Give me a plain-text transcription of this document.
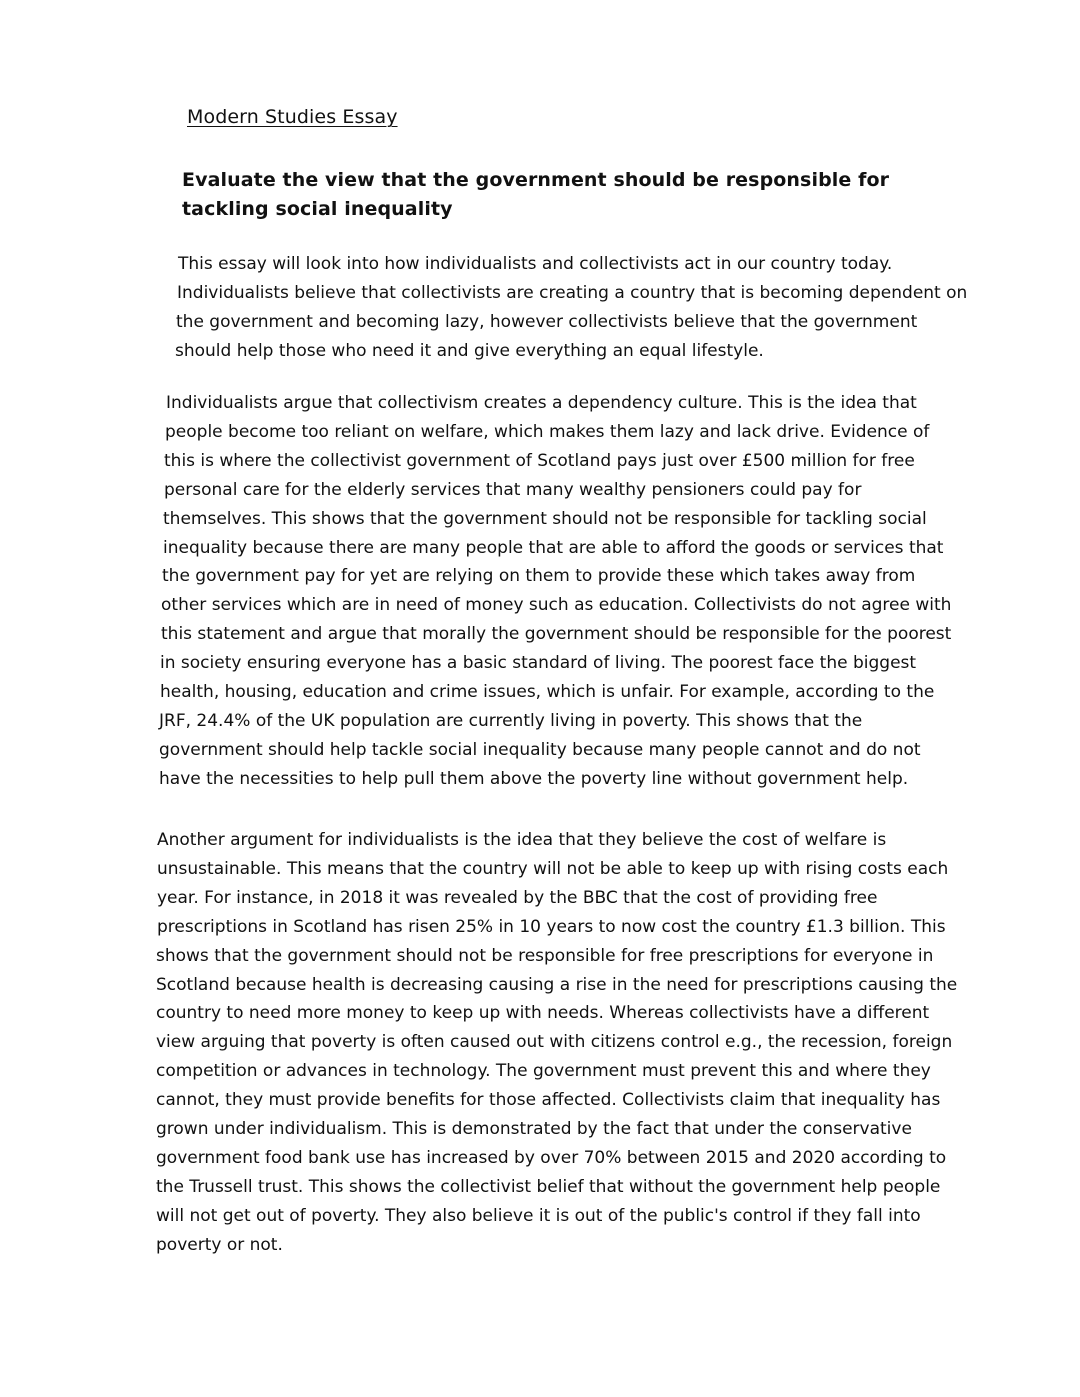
Modern Studies Essay
Evaluate the view that the government should be responsible for tackling social inequality
This essay will look into how individualists and collectivists act in our country today.
Individualists believe that collectivists are creating a country that is becoming dependent on
the government and becoming lazy, however collectivists believe that the government
should help those who need it and give everything an equal lifestyle.
Individualists argue that collectivism creates a dependency culture. This is the idea that
people become too reliant on welfare, which makes them lazy and lack drive. Evidence of
this is where the collectivist government of Scotland pays just over £500 million for free
personal care for the elderly services that many wealthy pensioners could pay for
themselves. This shows that the government should not be responsible for tackling social
inequality because there are many people that are able to afford the goods or services that
the government pay for yet are relying on them to provide these which takes away from
other services which are in need of money such as education. Collectivists do not agree with
this statement and argue that morally the government should be responsible for the poorest
in society ensuring everyone has a basic standard of living. The poorest face the biggest
health, housing, education and crime issues, which is unfair. For example, according to the
JRF, 24.4% of the UK population are currently living in poverty. This shows that the
government should help tackle social inequality because many people cannot and do not
have the necessities to help pull them above the poverty line without government help.
Another argument for individualists is the idea that they believe the cost of welfare is
unsustainable. This means that the country will not be able to keep up with rising costs each
year. For instance, in 2018 it was revealed by the BBC that the cost of providing free
prescriptions in Scotland has risen 25% in 10 years to now cost the country £1.3 billion. This
shows that the government should not be responsible for free prescriptions for everyone in
Scotland because health is decreasing causing a rise in the need for prescriptions causing the
country to need more money to keep up with needs. Whereas collectivists have a different
view arguing that poverty is often caused out with citizens control e.g., the recession, foreign
competition or advances in technology. The government must prevent this and where they
cannot, they must provide benefits for those affected. Collectivists claim that inequality has
grown under individualism. This is demonstrated by the fact that under the conservative
government food bank use has increased by over 70% between 2015 and 2020 according to
the Trussell trust. This shows the collectivist belief that without the government help people
will not get out of poverty. They also believe it is out of the public's control if they fall into
poverty or not.
